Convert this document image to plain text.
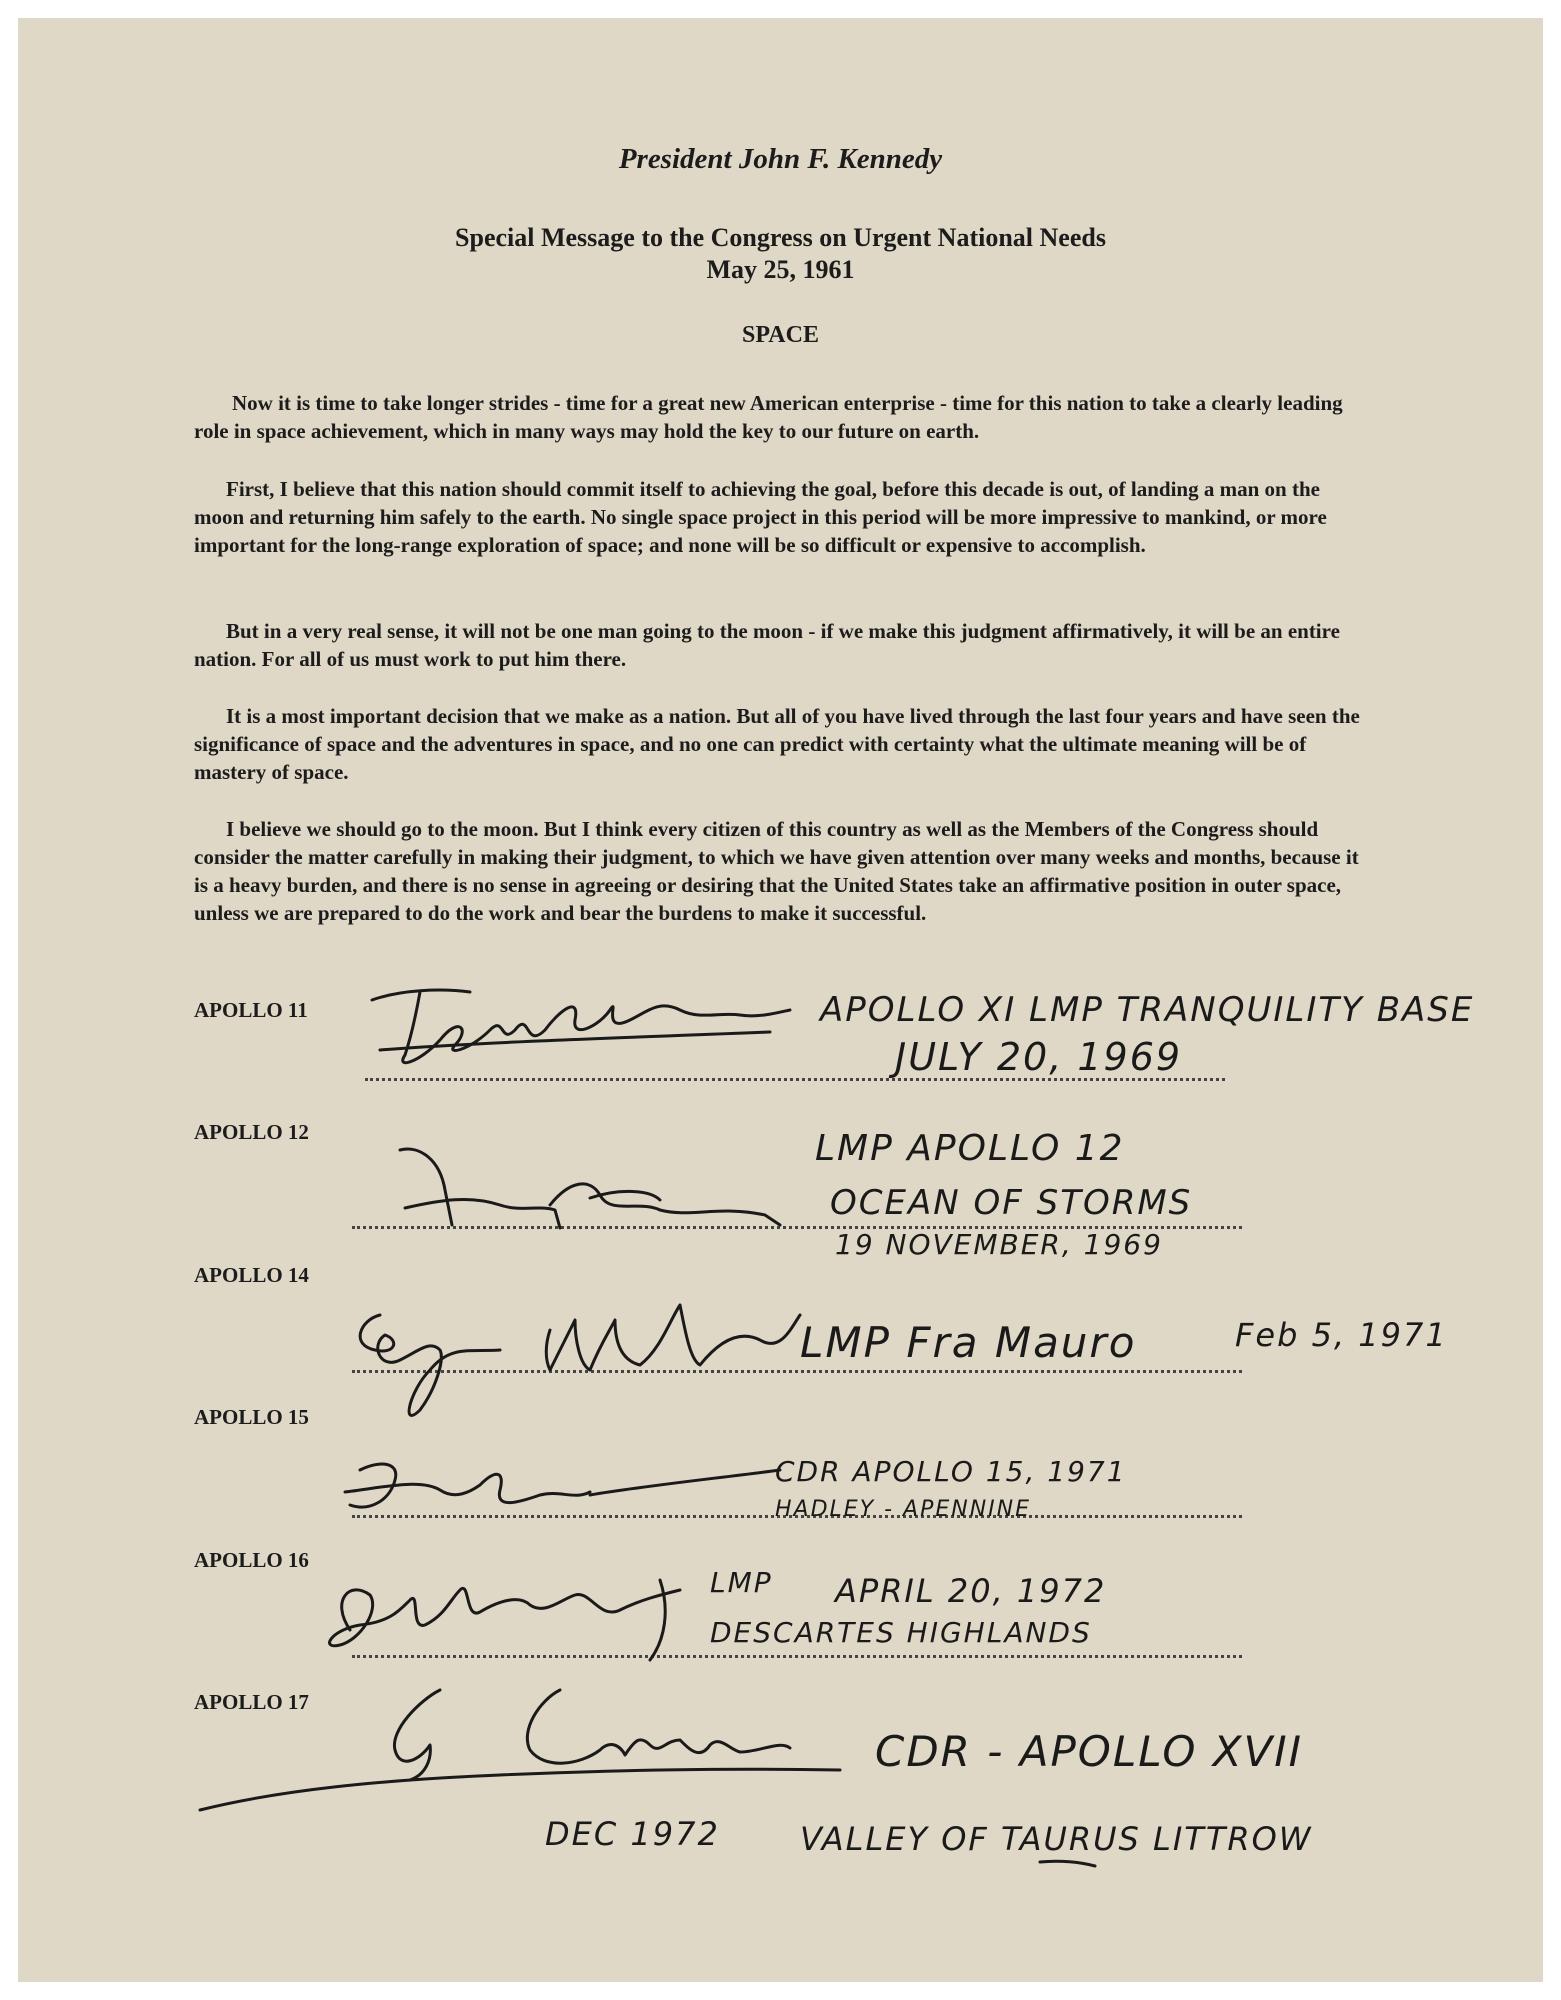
President John F. Kennedy
Special Message to the Congress on Urgent National Needs
May 25, 1961
SPACE

Now it is time to take longer strides - time for a great new American enterprise - time for this nation to take a clearly leading role in space achievement, which in many ways may hold the key to our future on earth.

First, I believe that this nation should commit itself to achieving the goal, before this decade is out, of landing a man on the moon and returning him safely to the earth. No single space project in this period will be more impressive to mankind, or more important for the long-range exploration of space; and none will be so difficult or expensive to accomplish.

But in a very real sense, it will not be one man going to the moon - if we make this judgment affirmatively, it will be an entire nation. For all of us must work to put him there.

It is a most important decision that we make as a nation. But all of you have lived through the last four years and have seen the significance of space and the adventures in space, and no one can predict with certainty what the ultimate meaning will be of mastery of space.

I believe we should go to the moon. But I think every citizen of this country as well as the Members of the Congress should consider the matter carefully in making their judgment, to which we have given attention over many weeks and months, because it is a heavy burden, and there is no sense in agreeing or desiring that the United States take an affirmative position in outer space, unless we are prepared to do the work and bear the burdens to make it successful.

APOLLO 11	APOLLO XI LMP TRANQUILITY BASE
JULY 20, 1969
APOLLO 12	LMP APOLLO 12
OCEAN OF STORMS
19 NOVEMBER, 1969
APOLLO 14
LMP Fra Mauro	Feb 5, 1971
APOLLO 15
CDR APOLLO 15, 1971
HADLEY - APENNINE
APOLLO 16
LMP APRIL 20, 1972
DESCARTES HIGHLANDS
APOLLO 17
CDR - APOLLO XVII
DEC 1972	VALLEY OF TAURUS LITTROW
